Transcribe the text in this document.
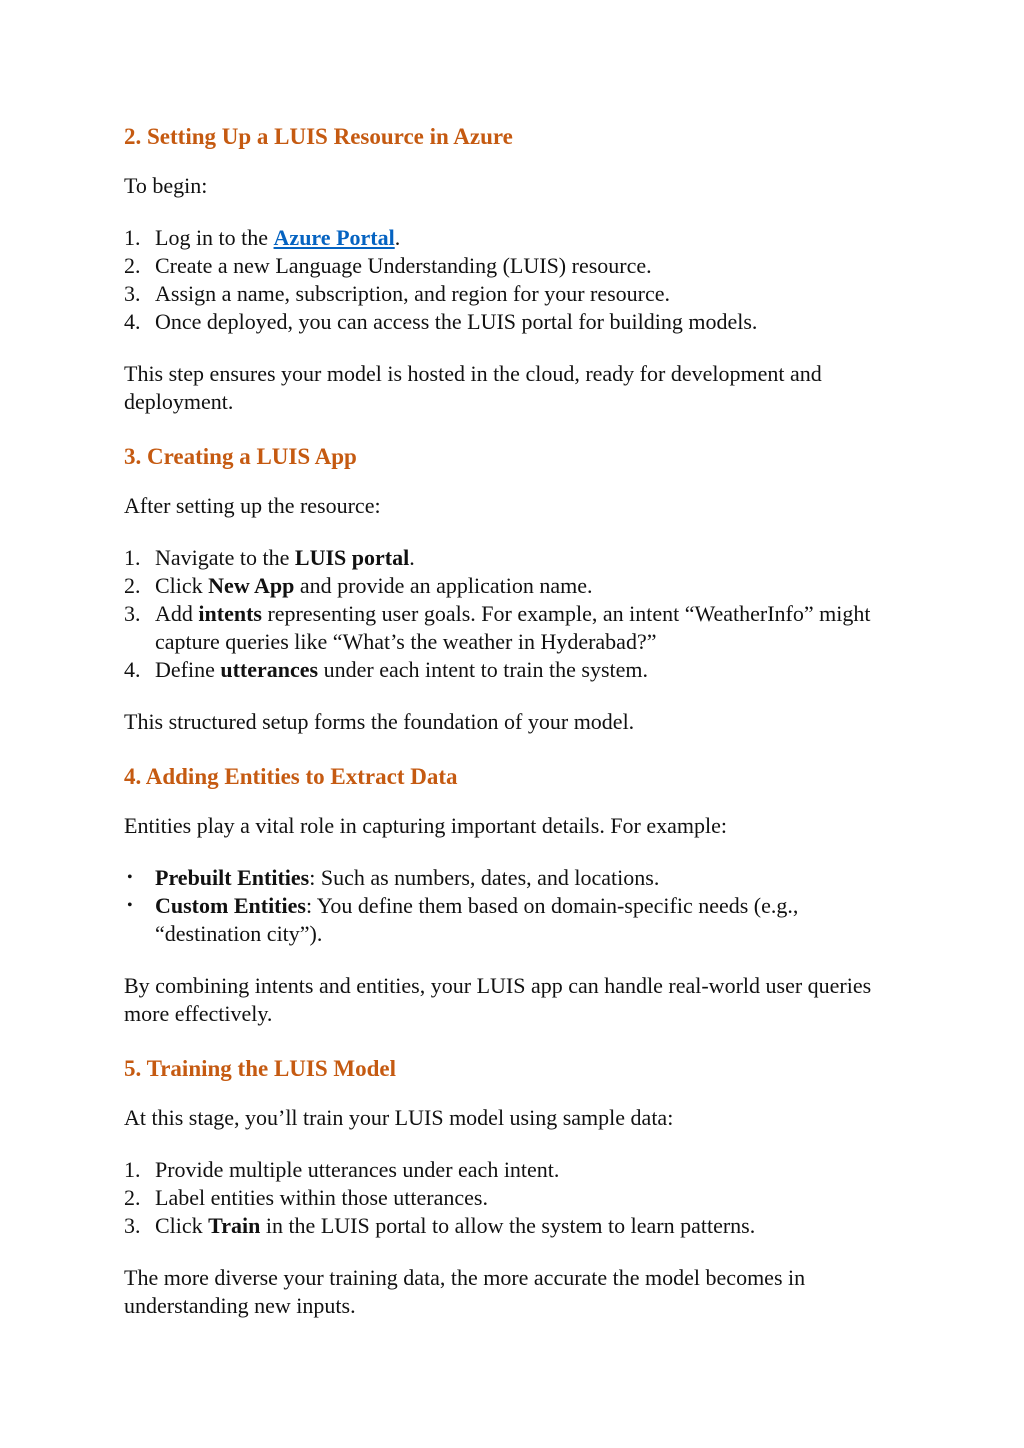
2. Setting Up a LUIS Resource in Azure

To begin:

1. Log in to the Azure Portal.
2. Create a new Language Understanding (LUIS) resource.
3. Assign a name, subscription, and region for your resource.
4. Once deployed, you can access the LUIS portal for building models.

This step ensures your model is hosted in the cloud, ready for development and deployment.

3. Creating a LUIS App

After setting up the resource:

1. Navigate to the LUIS portal.
2. Click New App and provide an application name.
3. Add intents representing user goals. For example, an intent “WeatherInfo” might capture queries like “What’s the weather in Hyderabad?”
4. Define utterances under each intent to train the system.

This structured setup forms the foundation of your model.

4. Adding Entities to Extract Data

Entities play a vital role in capturing important details. For example:

• Prebuilt Entities: Such as numbers, dates, and locations.
• Custom Entities: You define them based on domain-specific needs (e.g., “destination city”).

By combining intents and entities, your LUIS app can handle real-world user queries more effectively.

5. Training the LUIS Model

At this stage, you’ll train your LUIS model using sample data:

1. Provide multiple utterances under each intent.
2. Label entities within those utterances.
3. Click Train in the LUIS portal to allow the system to learn patterns.

The more diverse your training data, the more accurate the model becomes in understanding new inputs.
